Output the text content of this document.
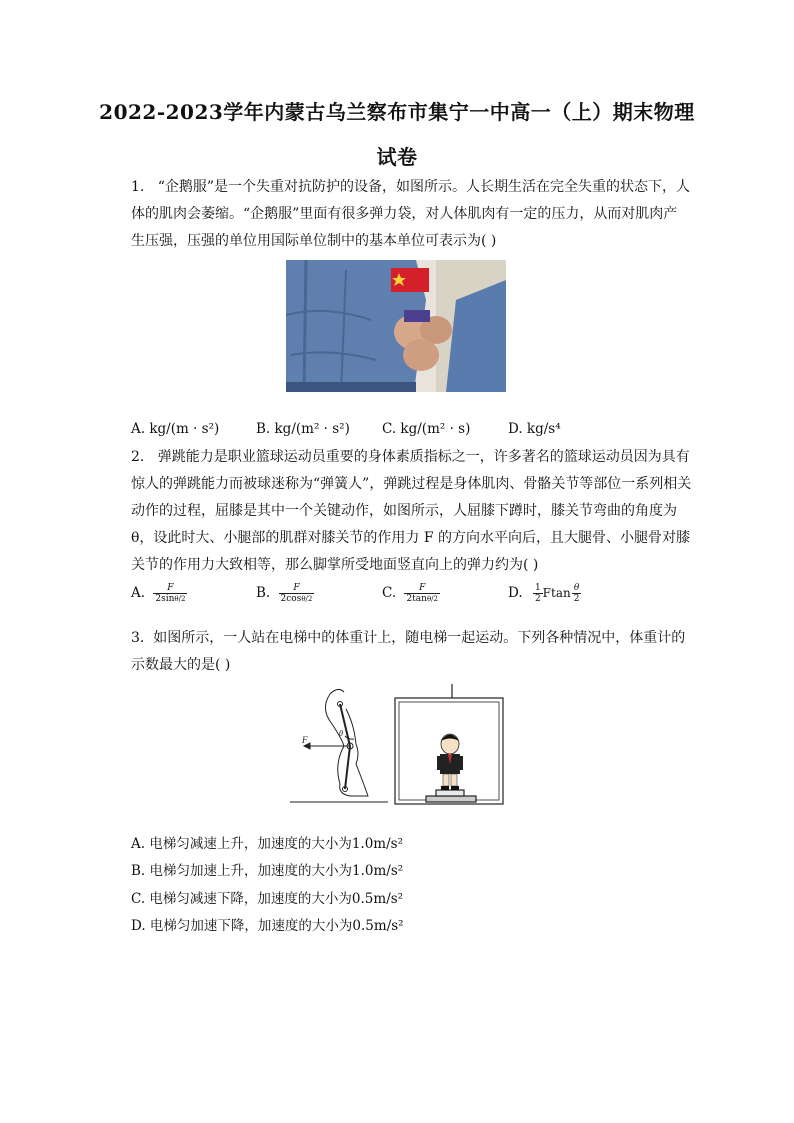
2022-2023学年内蒙古乌兰察布市集宁一中高一（上）期末物理
试卷
1. “企鹅服”是一个失重对抗防护的设备，如图所示。人长期生活在完全失重的状态下，人体的肌肉会萎缩。“企鹅服”里面有很多弹力袋，对人体肌肉有一定的压力，从而对肌肉产生压强，压强的单位用国际单位制中的基本单位可表示为( )
A. kg/(m · s²)	B. kg/(m² · s²) C. kg/(m² · s)	D. kg/s⁴
2. 弹跳能力是职业篮球运动员重要的身体素质指标之一，许多著名的篮球运动员因为具有惊人的弹跳能力而被球迷称为“弹簧人”，弹跳过程是身体肌肉、骨骼关节等部位一系列相关动作的过程，屈膝是其中一个关键动作，如图所示，人屈膝下蹲时，膝关节弯曲的角度为θ，设此时大、小腿部的肌群对膝关节的作用力 F 的方向水平向后，且大腿骨、小腿骨对膝关节的作用力大致相等，那么脚掌所受地面竖直向上的弹力约为( )
A. $\frac{F}{2\sin\theta/2}$	B. $\frac{F}{2\cos\theta/2}$	C. $\frac{F}{2\tan\theta/2}$	D. $\frac{1}{2}$ Ftan $\frac{\theta}{2}$
3. 如图所示，一人站在电梯中的体重计上，随电梯一起运动。下列各种情况中，体重计的示数最大的是( )
F
θ
A. 电梯匀减速上升，加速度的大小为1.0m/s²
B. 电梯匀加速上升，加速度的大小为1.0m/s²
C. 电梯匀减速下降，加速度的大小为0.5m/s²
D. 电梯匀加速下降，加速度的大小为0.5m/s²
